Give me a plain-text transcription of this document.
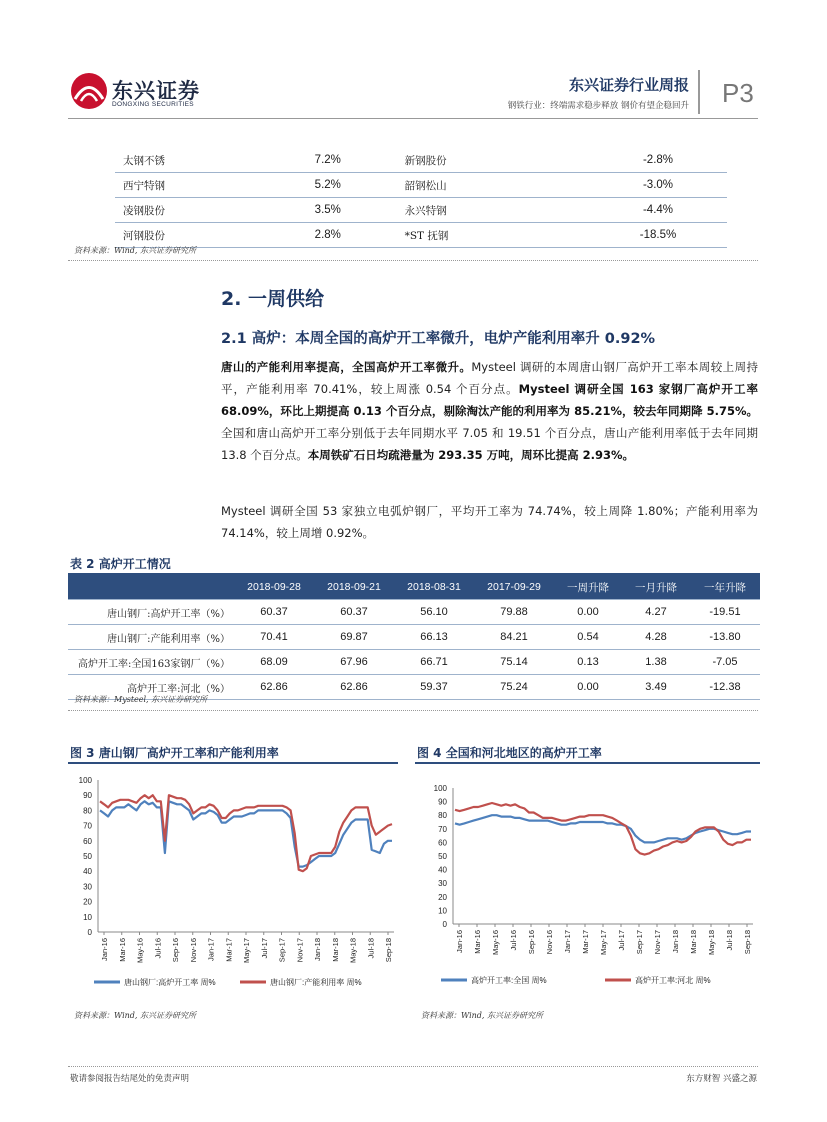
东兴证券
DONGXING SECURITIES
东兴证券行业周报
钢铁行业：终端需求稳步释放 钢价有望企稳回升 P3
太钢不锈	7.2%	新钢股份	-2.8%
西宁特钢	5.2%	韶钢松山	-3.0%
凌钢股份	3.5%	永兴特钢	-4.4%
河钢股份	2.8%	*ST 抚钢	-18.5%
资料来源：Wind, 东兴证券研究所
2. 一周供给
2.1 高炉：本周全国的高炉开工率微升，电炉产能利用率升 0.92%
唐山的产能利用率提高，全国高炉开工率微升。Mysteel 调研的本周唐山钢厂高炉开工率本周较上周持平，产能利用率 70.41%，较上周涨 0.54 个百分点。Mysteel 调研全国 163 家钢厂高炉开工率 68.09%，环比上期提高 0.13 个百分点，剔除淘汰产能的利用率为 85.21%，较去年同期降 5.75%。全国和唐山高炉开工率分别低于去年同期水平 7.05 和 19.51 个百分点，唐山产能利用率低于去年同期 13.8 个百分点。本周铁矿石日均疏港量为 293.35 万吨，周环比提高 2.93%。
Mysteel 调研全国 53 家独立电弧炉钢厂，平均开工率为 74.74%，较上周降 1.80%；产能利用率为 74.14%，较上周增 0.92%。
表 2 高炉开工情况
	2018-09-28	2018-09-21	2018-08-31	2017-09-29	一周升降	一月升降	一年升降
唐山钢厂:高炉开工率（%）	60.37	60.37	56.10	79.88	0.00	4.27	-19.51
唐山钢厂:产能利用率（%）	70.41	69.87	66.13	84.21	0.54	4.28	-13.80
高炉开工率:全国163家钢厂（%）	68.09	67.96	66.71	75.14	0.13	1.38	-7.05
高炉开工率:河北（%）	62.86	62.86	59.37	75.24	0.00	3.49	-12.38
资料来源：Mysteel, 东兴证券研究所
图 3 唐山钢厂高炉开工率和产能利用率	图 4 全国和河北地区的高炉开工率
0
10
20
30
40
50
60
70
80
90
100
Jan-16 Mar-16 May-16 Jul-16 Sep-16 Nov-16 Jan-17 Mar-17 May-17 Jul-17 Sep-17 Nov-17 Jan-18 Mar-18 May-18 Jul-18 Sep-18
唐山钢厂:高炉开工率 周%	唐山钢厂:产能利用率 周%
0
10
20
30
40
50
60
70
80
90
100
Jan-16 Mar-16 May-16 Jul-16 Sep-16 Nov-16 Jan-17 Mar-17 May-17 Jul-17 Sep-17 Nov-17 Jan-18 Mar-18 May-18 Jul-18 Sep-18
高炉开工率:全国 周%	高炉开工率:河北 周%
资料来源：Wind, 东兴证券研究所	资料来源：Wind, 东兴证券研究所
敬请参阅报告结尾处的免责声明	东方财智 兴盛之源
